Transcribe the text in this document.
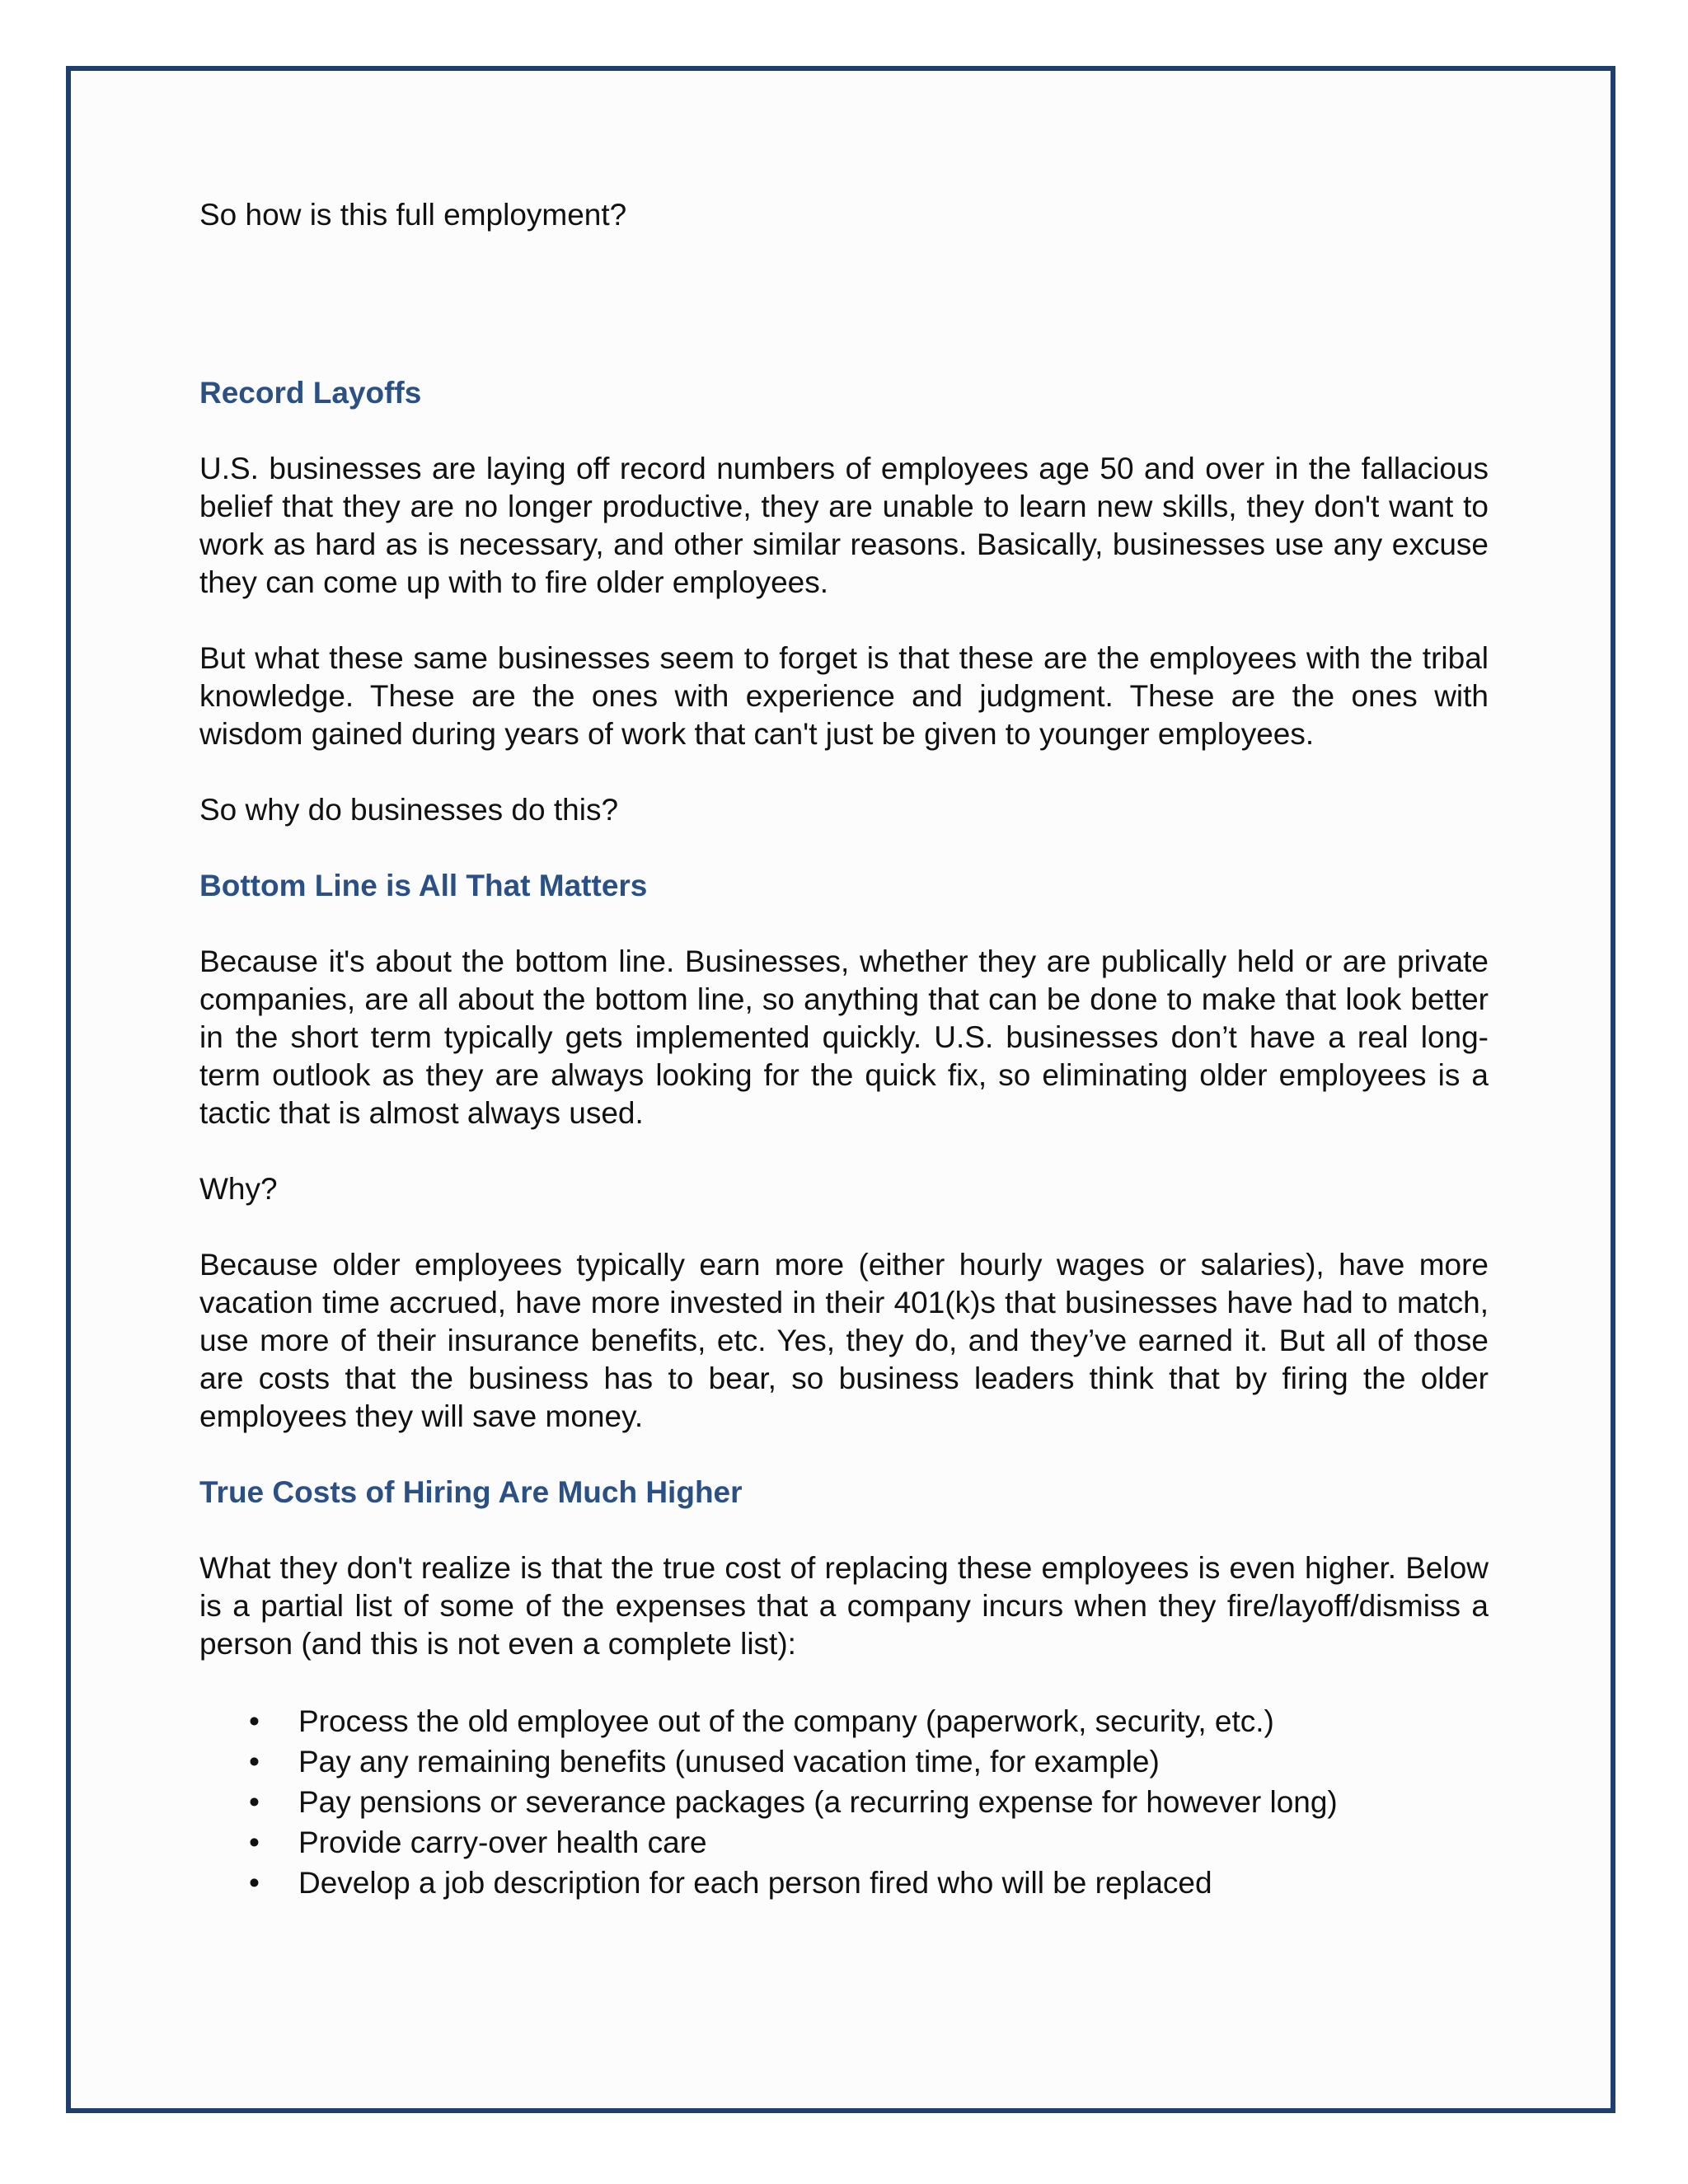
So how is this full employment?

Record Layoffs

U.S. businesses are laying off record numbers of employees age 50 and over in the fallacious belief that they are no longer productive, they are unable to learn new skills, they don't want to work as hard as is necessary, and other similar reasons. Basically, businesses use any excuse they can come up with to fire older employees.

But what these same businesses seem to forget is that these are the employees with the tribal knowledge. These are the ones with experience and judgment. These are the ones with wisdom gained during years of work that can't just be given to younger employees.

So why do businesses do this?

Bottom Line is All That Matters

Because it's about the bottom line. Businesses, whether they are publically held or are private companies, are all about the bottom line, so anything that can be done to make that look better in the short term typically gets implemented quickly. U.S. businesses don’t have a real long-term outlook as they are always looking for the quick fix, so eliminating older employees is a tactic that is almost always used.

Why?

Because older employees typically earn more (either hourly wages or salaries), have more vacation time accrued, have more invested in their 401(k)s that businesses have had to match, use more of their insurance benefits, etc. Yes, they do, and they’ve earned it. But all of those are costs that the business has to bear, so business leaders think that by firing the older employees they will save money.

True Costs of Hiring Are Much Higher

What they don't realize is that the true cost of replacing these employees is even higher. Below is a partial list of some of the expenses that a company incurs when they fire/layoff/dismiss a person (and this is not even a complete list):

• Process the old employee out of the company (paperwork, security, etc.)
• Pay any remaining benefits (unused vacation time, for example)
• Pay pensions or severance packages (a recurring expense for however long)
• Provide carry-over health care
• Develop a job description for each person fired who will be replaced
